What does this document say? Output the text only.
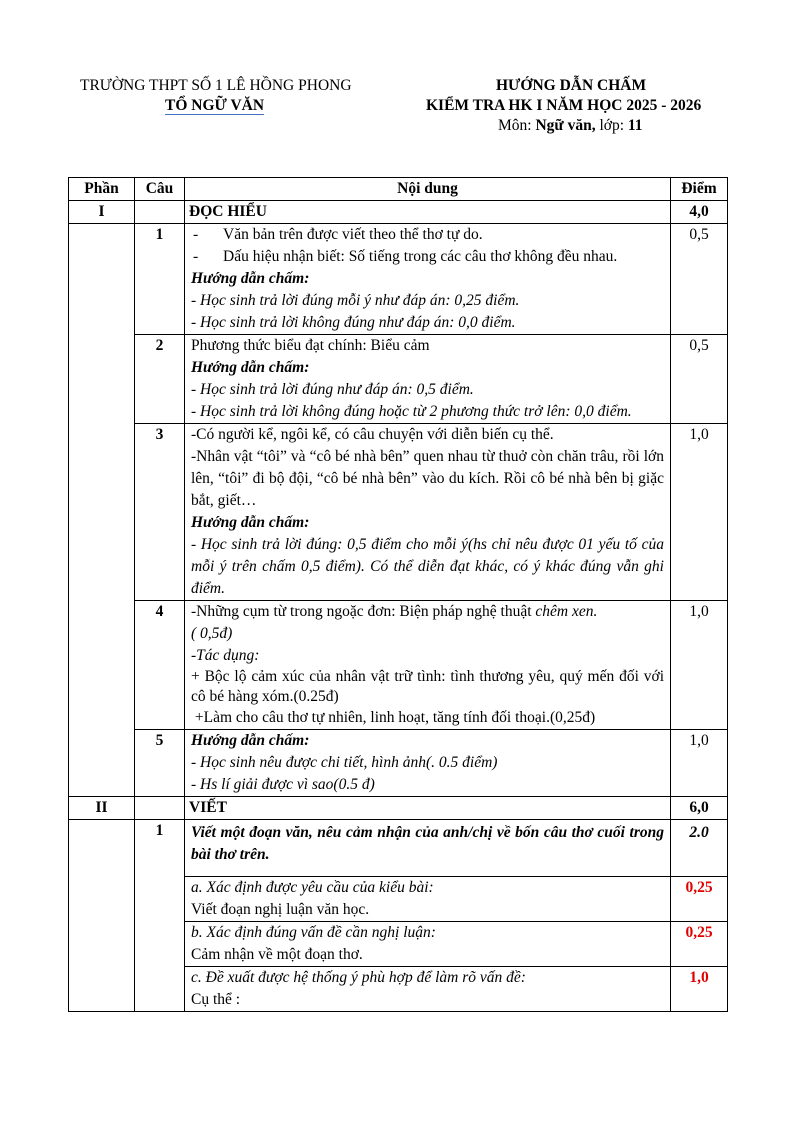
TRƯỜNG THPT SỐ 1 LÊ HỒNG PHONG
TỔ NGỮ VĂN
HƯỚNG DẪN CHẤM
KIỂM TRA HK I NĂM HỌC 2025 - 2026
Môn: Ngữ văn, lớp: 11
Phần	Câu	Nội dung	Điểm
I		ĐỌC HIỂU	4,0
	1	- Văn bản trên được viết theo thể thơ tự do.
- Dấu hiệu nhận biết: Số tiếng trong các câu thơ không đều nhau.
Hướng dẫn chấm:
- Học sinh trả lời đúng mỗi ý như đáp án: 0,25 điểm.
- Học sinh trả lời không đúng như đáp án: 0,0 điểm.	0,5
	2	Phương thức biểu đạt chính: Biểu cảm
Hướng dẫn chấm:
- Học sinh trả lời đúng như đáp án: 0,5 điểm.
- Học sinh trả lời không đúng hoặc từ 2 phương thức trở lên: 0,0 điểm.	0,5
	3	-Có người kể, ngôi kể, có câu chuyện với diễn biến cụ thể.
-Nhân vật “tôi” và “cô bé nhà bên” quen nhau từ thuở còn chăn trâu, rồi lớn lên, “tôi” đi bộ đội, “cô bé nhà bên” vào du kích. Rồi cô bé nhà bên bị giặc bắt, giết…
Hướng dẫn chấm:
- Học sinh trả lời đúng: 0,5 điểm cho mỗi ý(hs chỉ nêu được 01 yếu tố của mỗi ý trên chấm 0,5 điểm). Có thể diễn đạt khác, có ý khác đúng vẫn ghi điểm.	1,0
	4	-Những cụm từ trong ngoặc đơn: Biện pháp nghệ thuật chêm xen.
( 0,5đ)
-Tác dụng:
+ Bộc lộ cảm xúc của nhân vật trữ tình: tình thương yêu, quý mến đối với cô bé hàng xóm.(0.25đ)
+Làm cho câu thơ tự nhiên, linh hoạt, tăng tính đối thoại.(0,25đ)	1,0
	5	Hướng dẫn chấm:
- Học sinh nêu được chi tiết, hình ảnh(. 0.5 điểm)
- Hs lí giải được vì sao(0.5 đ)	1,0
II		VIẾT	6,0
	1	Viết một đoạn văn, nêu cảm nhận của anh/chị về bốn câu thơ cuối trong bài thơ trên.	2.0

		a. Xác định được yêu cầu của kiểu bài:
Viết đoạn nghị luận văn học.	0,25

		b. Xác định đúng vấn đề cần nghị luận:
Cảm nhận về một đoạn thơ.	0,25

		c. Đề xuất được hệ thống ý phù hợp để làm rõ vấn đề:
Cụ thể :	1,0
